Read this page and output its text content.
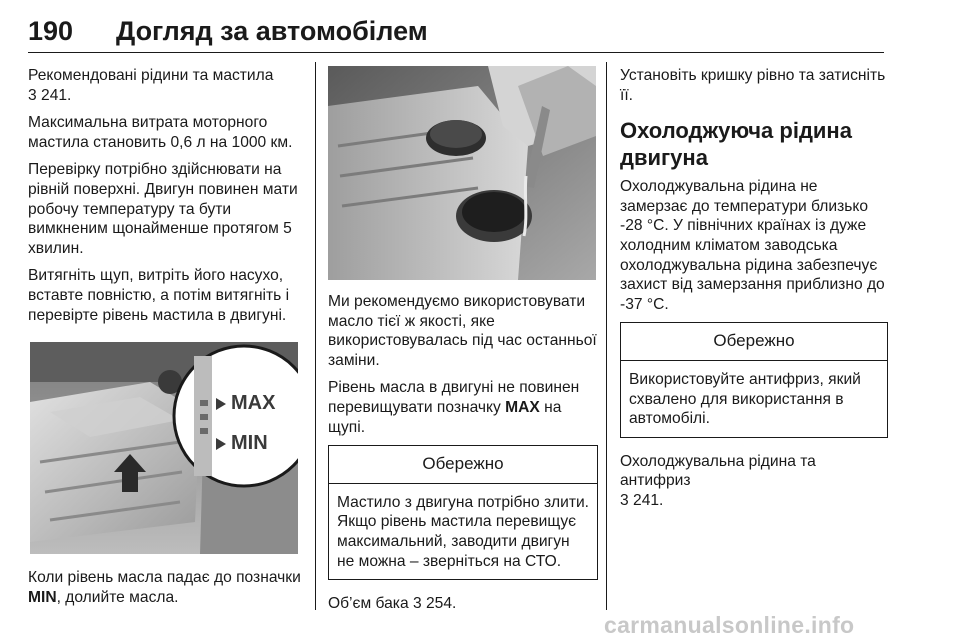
190 Догляд за автомобілем

Рекомендовані рідини та мастила
3 241.

Максимальна витрата моторного мастила становить 0,6 л на 1000 км.

Перевірку потрібно здійснювати на рівній поверхні. Двигун повинен мати робочу температуру та бути вимкненим щонайменше протягом 5 хвилин.

Витягніть щуп, витріть його насухо, вставте повністю, а потім витягніть і перевірте рівень мастила в двигуні.

MAX
MIN

Коли рівень масла падає до позначки MIN, долийте масла.

Ми рекомендуємо використовувати масло тієї ж якості, яке використовувалась під час останньої заміни.

Рівень масла в двигуні не повинен перевищувати позначку MAX на щупі.

Обережно
Мастило з двигуна потрібно злити. Якщо рівень мастила перевищує максимальний, заводити двигун не можна – зверніться на СТО.

Об’єм бака 3 254.

Установіть кришку рівно та затисніть її.

Охолоджуюча рідина двигуна

Охолоджувальна рідина не замерзає до температури близько -28 °C. У північних країнах із дуже холодним кліматом заводська охолоджувальна рідина забезпечує захист від замерзання приблизно до -37 °C.

Обережно
Використовуйте антифриз, який схвалено для використання в автомобілі.

Охолоджувальна рідина та антифриз
3 241.

carmanualsonline.info
